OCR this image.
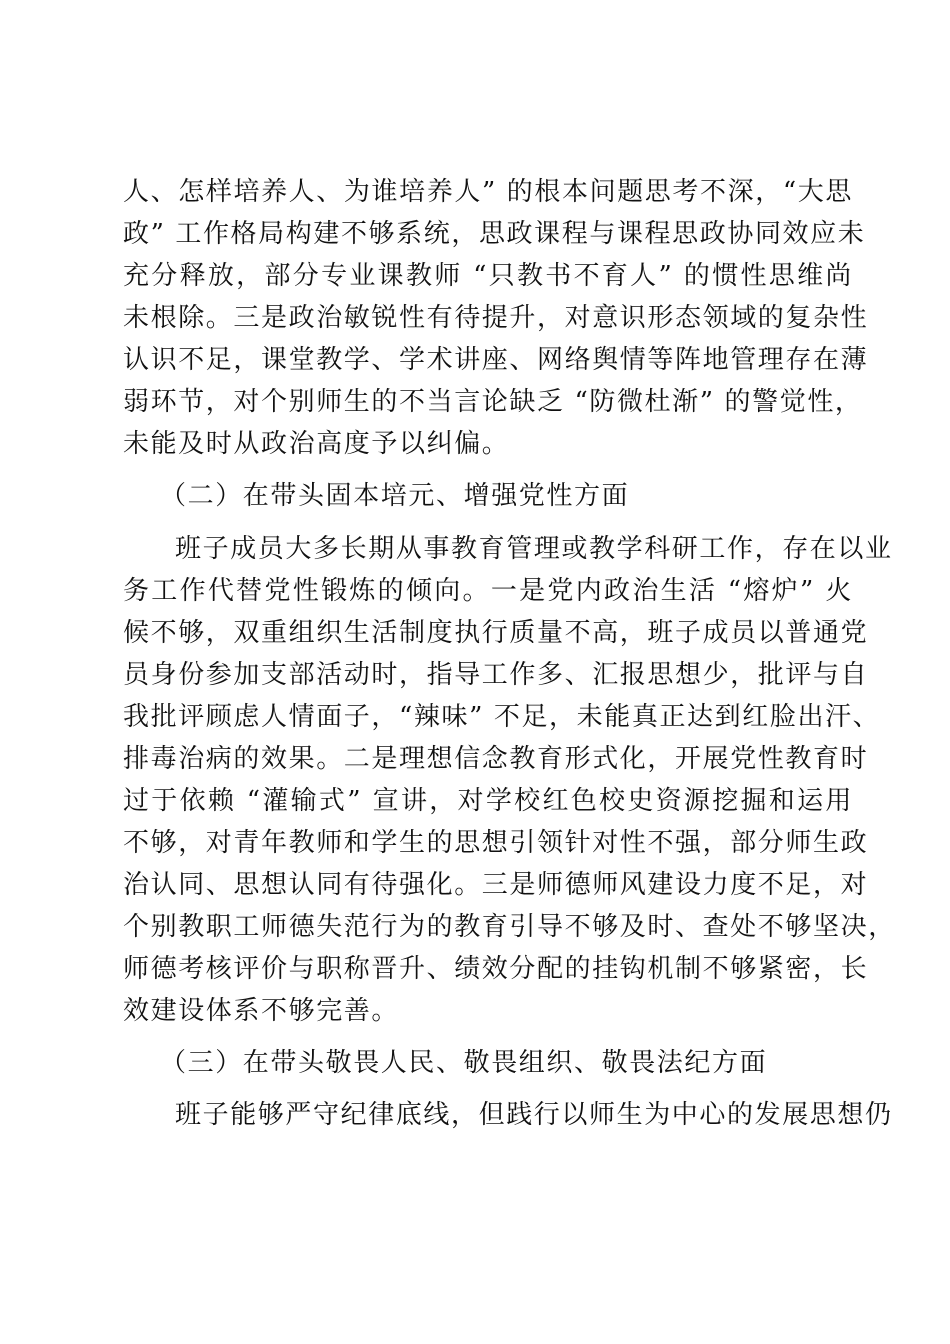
人、怎样培养人、为谁培养人” 的根本问题思考不深，“大思
政” 工作格局构建不够系统，思政课程与课程思政协同效应未
充分释放，部分专业课教师 “只教书不育人” 的惯性思维尚
未根除。三是政治敏锐性有待提升，对意识形态领域的复杂性
认识不足，课堂教学、学术讲座、网络舆情等阵地管理存在薄
弱环节，对个别师生的不当言论缺乏 “防微杜渐” 的警觉性，
未能及时从政治高度予以纠偏。
（二）在带头固本培元、增强党性方面
班子成员大多长期从事教育管理或教学科研工作，存在以业
务工作代替党性锻炼的倾向。一是党内政治生活 “熔炉” 火
候不够，双重组织生活制度执行质量不高，班子成员以普通党
员身份参加支部活动时，指导工作多、汇报思想少，批评与自
我批评顾虑人情面子，“辣味” 不足，未能真正达到红脸出汗、
排毒治病的效果。二是理想信念教育形式化，开展党性教育时
过于依赖 “灌输式” 宣讲，对学校红色校史资源挖掘和运用
不够，对青年教师和学生的思想引领针对性不强，部分师生政
治认同、思想认同有待强化。三是师德师风建设力度不足，对
个别教职工师德失范行为的教育引导不够及时、查处不够坚决，
师德考核评价与职称晋升、绩效分配的挂钩机制不够紧密，长
效建设体系不够完善。
（三）在带头敬畏人民、敬畏组织、敬畏法纪方面
班子能够严守纪律底线，但践行以师生为中心的发展思想仍
